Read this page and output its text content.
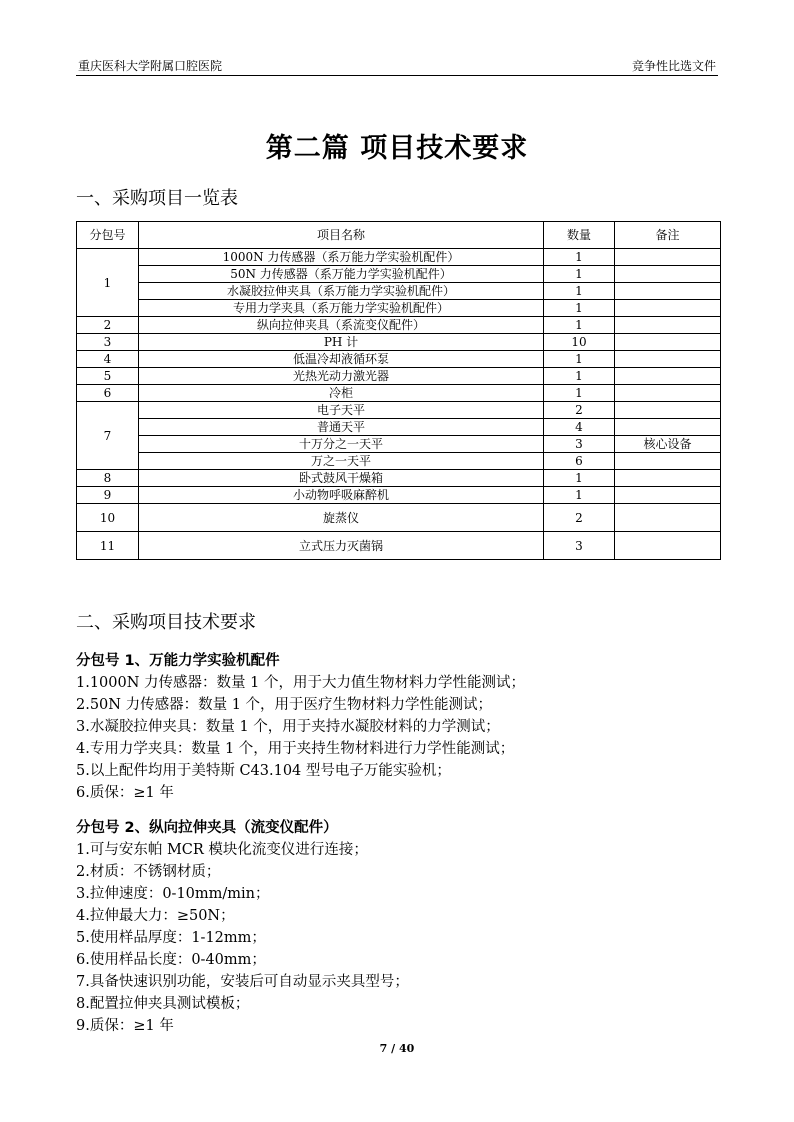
重庆医科大学附属口腔医院	竞争性比选文件
第二篇 项目技术要求
一、采购项目一览表
分包号	项目名称	数量	备注
1	1000N 力传感器（系万能力学实验机配件）	1	
	50N 力传感器（系万能力学实验机配件）	1	
	水凝胶拉伸夹具（系万能力学实验机配件）	1	
	专用力学夹具（系万能力学实验机配件）	1	
2	纵向拉伸夹具（系流变仪配件）	1	
3	PH 计	10	
4	低温冷却液循环泵	1	
5	光热光动力激光器	1	
6	冷柜	1	
7	电子天平	2	
	普通天平	4	
	十万分之一天平	3	核心设备
	万之一天平	6	
8	卧式鼓风干燥箱	1	
9	小动物呼吸麻醉机	1	
10	旋蒸仪	2	
11	立式压力灭菌锅	3	
二、采购项目技术要求
分包号 1、万能力学实验机配件
1.1000N 力传感器：数量 1 个，用于大力值生物材料力学性能测试；
2.50N 力传感器：数量 1 个，用于医疗生物材料力学性能测试；
3.水凝胶拉伸夹具：数量 1 个，用于夹持水凝胶材料的力学测试；
4.专用力学夹具：数量 1 个，用于夹持生物材料进行力学性能测试；
5.以上配件均用于美特斯 C43.104 型号电子万能实验机；
6.质保：≥1 年
分包号 2、纵向拉伸夹具（流变仪配件）
1.可与安东帕 MCR 模块化流变仪进行连接；
2.材质：不锈钢材质；
3.拉伸速度：0-10mm/min；
4.拉伸最大力：≥50N；
5.使用样品厚度：1-12mm；
6.使用样品长度：0-40mm；
7.具备快速识别功能，安装后可自动显示夹具型号；
8.配置拉伸夹具测试模板；
9.质保：≥1 年
7 / 40
